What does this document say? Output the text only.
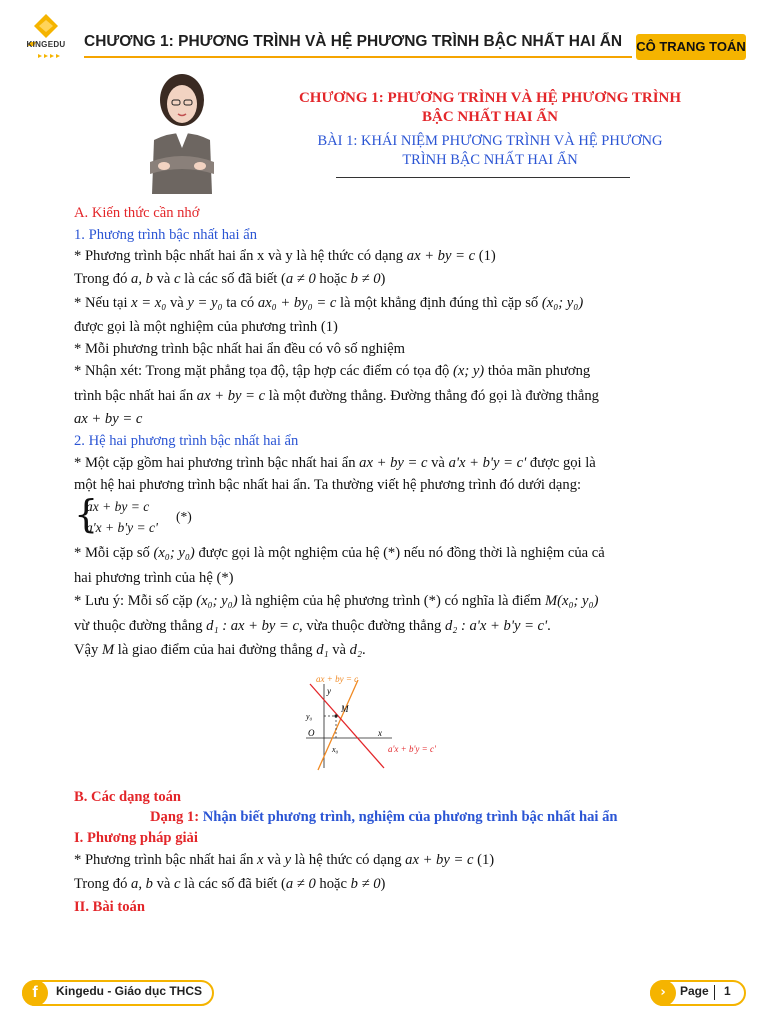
KINGEDU	CHƯƠNG 1: PHƯƠNG TRÌNH VÀ HỆ PHƯƠNG TRÌNH BẬC NHẤT HAI ẨN CÔ TRANG TOÁN
CHƯƠNG 1: PHƯƠNG TRÌNH VÀ HỆ PHƯƠNG TRÌNH
BẬC NHẤT HAI ẨN
BÀI 1: KHÁI NIỆM PHƯƠNG TRÌNH VÀ HỆ PHƯƠNG
TRÌNH BẬC NHẤT HAI ẨN
A. Kiến thức cần nhớ
1. Phương trình bậc nhất hai ẩn
* Phương trình bậc nhất hai ẩn x và y là hệ thức có dạng ax + by = c (1)
Trong đó a, b và c là các số đã biết (a ≠ 0 hoặc b ≠ 0)
* Nếu tại x = x₀ và y = y₀ ta có ax₀ + by₀ = c là một khẳng định đúng thì cặp số (x₀; y₀)
được gọi là một nghiệm của phương trình (1)
* Mỗi phương trình bậc nhất hai ẩn đều có vô số nghiệm
* Nhận xét: Trong mặt phẳng tọa độ, tập hợp các điểm có tọa độ (x; y) thỏa mãn phương
trình bậc nhất hai ẩn ax + by = c là một đường thẳng. Đường thẳng đó gọi là đường thẳng
ax + by = c
2. Hệ hai phương trình bậc nhất hai ẩn
* Một cặp gồm hai phương trình bậc nhất hai ẩn ax + by = c và a'x + b'y = c' được gọi là
một hệ hai phương trình bậc nhất hai ẩn. Ta thường viết hệ phương trình đó dưới dạng:
{
ax + by = c
a'x + b'y = c'
(*)
* Mỗi cặp số (x₀; y₀) được gọi là một nghiệm của hệ (*) nếu nó đồng thời là nghiệm của cả
hai phương trình của hệ (*)
* Lưu ý: Mỗi số cặp (x₀; y₀) là nghiệm của hệ phương trình (*) có nghĩa là điểm M(x₀; y₀)
vừ thuộc đường thẳng d₁ : ax + by = c, vừa thuộc đường thẳng d₂ : a'x + b'y = c'.
Vậy M là giao điểm của hai đường thẳng d₁ và d₂.
ax + by = c
a'x + b'y = c'
y
x
O
x₀
y₀
M
B. Các dạng toán
Dạng 1: Nhận biết phương trình, nghiệm của phương trình bậc nhất hai ẩn
I. Phương pháp giải
* Phương trình bậc nhất hai ẩn x và y là hệ thức có dạng ax + by = c (1)
Trong đó a, b và c là các số đã biết (a ≠ 0 hoặc b ≠ 0)
II. Bài toán
f	Kingedu - Giáo dục THCS	›	Page 1
